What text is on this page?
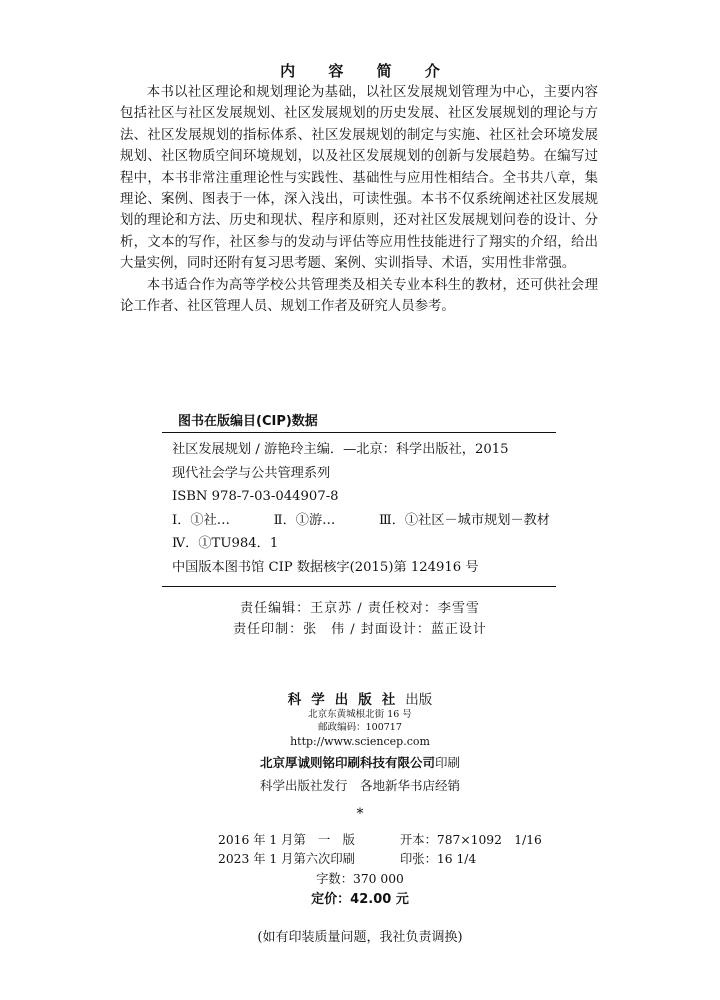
内 容 简 介

本书以社区理论和规划理论为基础，以社区发展规划管理为中心，主要内容包括社区与社区发展规划、社区发展规划的历史发展、社区发展规划的理论与方法、社区发展规划的指标体系、社区发展规划的制定与实施、社区社会环境发展规划、社区物质空间环境规划，以及社区发展规划的创新与发展趋势。在编写过程中，本书非常注重理论性与实践性、基础性与应用性相结合。全书共八章，集理论、案例、图表于一体，深入浅出，可读性强。本书不仅系统阐述社区发展规划的理论和方法、历史和现状、程序和原则，还对社区发展规划问卷的设计、分析，文本的写作，社区参与的发动与评估等应用性技能进行了翔实的介绍，给出大量实例，同时还附有复习思考题、案例、实训指导、术语，实用性非常强。

本书适合作为高等学校公共管理类及相关专业本科生的教材，还可供社会理论工作者、社区管理人员、规划工作者及研究人员参考。

图书在版编目(CIP)数据
社区发展规划 / 游艳玲主编．—北京：科学出版社，2015
现代社会学与公共管理系列
ISBN 978-7-03-044907-8
Ⅰ．①社…	Ⅱ．①游…	Ⅲ．①社区－城市规划－教材
Ⅳ．①TU984．1
中国版本图书馆 CIP 数据核字(2015)第 124916 号
责任编辑：王京苏 / 责任校对：李雪雪
责任印制：张　伟 / 封面设计：蓝正设计
科学出版社出版
北京东黄城根北街 16 号
邮政编码：100717
http://www.sciencep.com
北京厚诚则铭印刷科技有限公司印刷
科学出版社发行　各地新华书店经销
*
2016 年 1 月第　一　版	开本：787×1092　1/16
2023 年 1 月第六次印刷	印张：16 1/4
字数：370 000
定价：42.00 元
(如有印装质量问题，我社负责调换)
